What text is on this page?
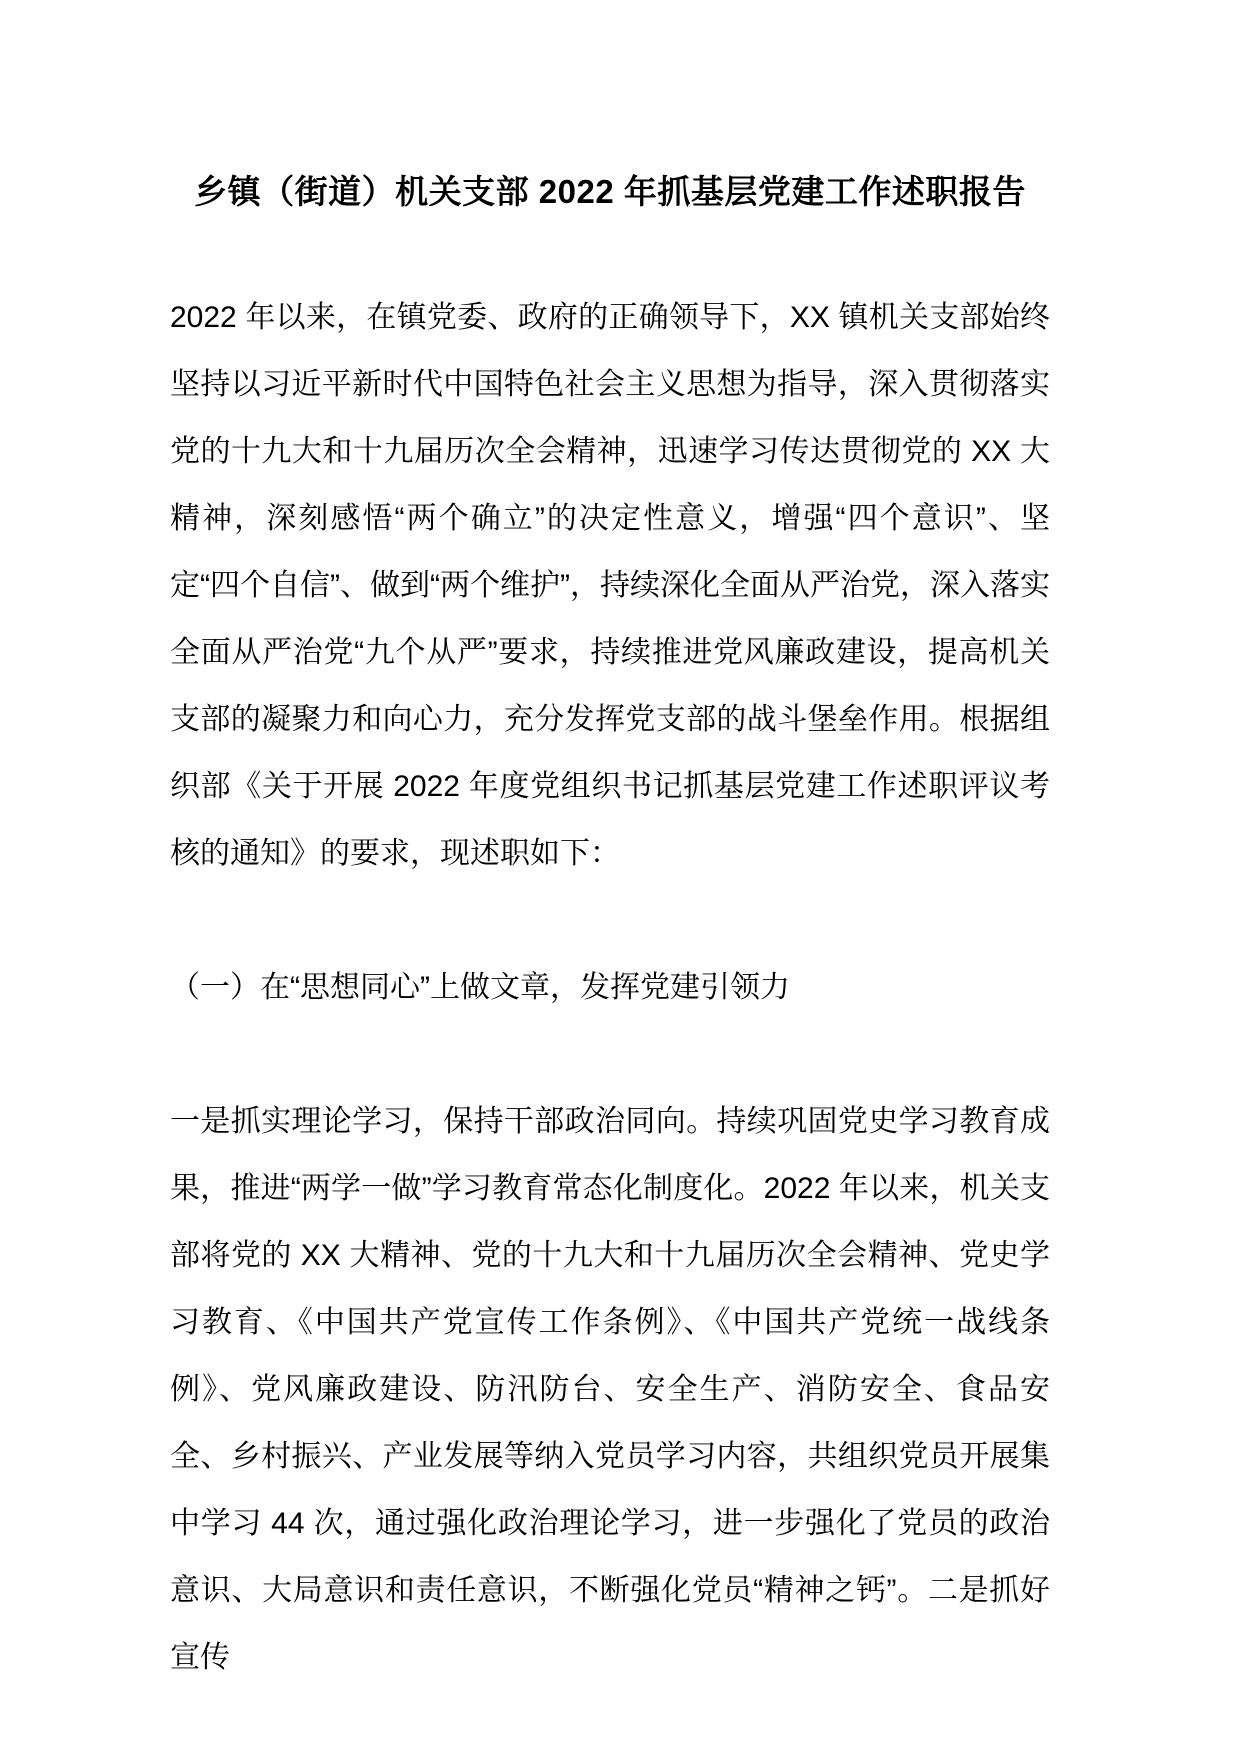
乡镇（街道）机关支部 2022 年抓基层党建工作述职报告

2022 年以来，在镇党委、政府的正确领导下，XX 镇机关支部始终坚持以习近平新时代中国特色社会主义思想为指导，深入贯彻落实党的十九大和十九届历次全会精神，迅速学习传达贯彻党的 XX 大精神，深刻感悟“两个确立”的决定性意义，增强“四个意识”、坚定“四个自信”、做到“两个维护”，持续深化全面从严治党，深入落实全面从严治党“九个从严”要求，持续推进党风廉政建设，提高机关支部的凝聚力和向心力，充分发挥党支部的战斗堡垒作用。根据组织部《关于开展 2022 年度党组织书记抓基层党建工作述职评议考核的通知》的要求，现述职如下：

（一）在“思想同心”上做文章，发挥党建引领力

一是抓实理论学习，保持干部政治同向。持续巩固党史学习教育成果，推进“两学一做”学习教育常态化制度化。2022 年以来，机关支部将党的 XX 大精神、党的十九大和十九届历次全会精神、党史学习教育、《中国共产党宣传工作条例》、《中国共产党统一战线条例》、党风廉政建设、防汛防台、安全生产、消防安全、食品安全、乡村振兴、产业发展等纳入党员学习内容，共组织党员开展集中学习 44 次，通过强化政治理论学习，进一步强化了党员的政治意识、大局意识和责任意识，不断强化党员“精神之钙”。二是抓好宣传
